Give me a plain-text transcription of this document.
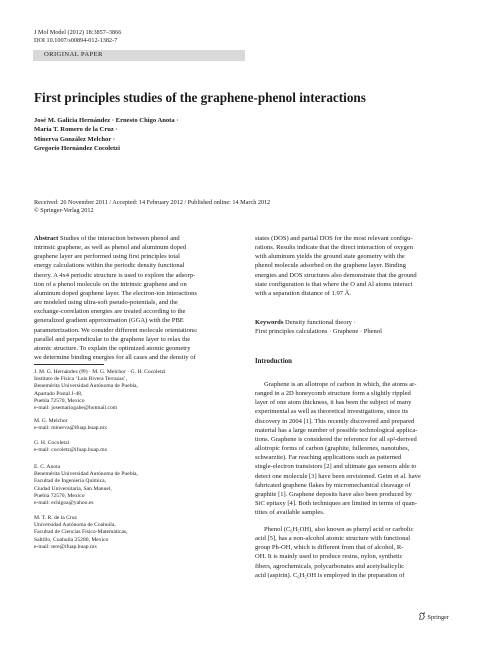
J Mol Model (2012) 18:3857–3866
DOI 10.1007/s00894-012-1382-7
ORIGINAL PAPER
First principles studies of the graphene-phenol interactions
José M. Galicia Hernández · Ernesto Chigo Anota ·
María T. Romero de la Cruz ·
Minerva González Melchor ·
Gregorio Hernández Cocoletzi
Received: 26 November 2011 / Accepted: 14 February 2012 / Published online: 14 March 2012
© Springer-Verlag 2012

Abstract Studies of the interaction between phenol and

intrinsic graphene, as well as phenol and aluminum doped

graphene layer are performed using first principles total

energy calculations within the periodic density functional

theory. A 4x4 periodic structure is used to explore the adsorp-

tion of a phenol molecule on the intrinsic graphene and on

aluminum doped graphene layer. The electron-ion interactions

are modeled using ultra-soft pseudo-potentials, and the

exchange-correlation energies are treated according to the

generalized gradient approximation (GGA) with the PBE

parameterization. We consider different molecule orientations:

parallel and perpendicular to the graphene layer to relax the

atomic structure. To explain the optimized atomic geometry

we determine binding energies for all cases and the density of

states (DOS) and partial DOS for the most relevant configu-

rations. Results indicate that the direct interaction of oxygen

with aluminum yields the ground state geometry with the

phenol molecule adsorbed on the graphene layer. Binding

energies and DOS structures also demonstrate that the ground

state configuration is that where the O and Al atoms interact

with a separation distance of 1.97 Å.

Keywords Density functional theory ·
First principles calculations · Graphene · Phenol
J. M. G. Hernández (✉) · M. G. Melchor · G. H. Cocoletzi
Instituto de Física ‘Luis Rivera Terrazas’,
Benemérita Universidad Autónoma de Puebla,
Apartado Postal J-48,
Puebla 72570, Mexico
e-mail: josemariogabe@hotmail.com
M. G. Melchor
e-mail: minerva@ifuap.buap.mx
G. H. Cocoletzi
e-mail: cocoletz@ifuap.buap.mx
E. C. Anota
Benemérita Universidad Autónoma de Puebla,
Facultad de Ingeniería Química,
Ciudad Universitaria, San Manuel,
Puebla 72570, Mexico
e-mail: echigoa@yahoo.es
M. T. R. de la Cruz
Universidad Autónoma de Coahuila,
Facultad de Ciencias Físico-Matemáticas,
Saltillo, Coahuila 25280, Mexico
e-mail: tere@ifuap.buap.mx
Introduction

Graphene is an allotrope of carbon in which, the atoms ar-

ranged in a 2D honeycomb structure form a slightly rippled

layer of one atom thickness, it has been the subject of many

experimental as well as theoretical investigations, since its

discovery in 2004 [1]. This recently discovered and prepared

material has a large number of possible technological applica-

tions. Graphene is considered the reference for all sp²-derived

allotropic forms of carbon (graphite, fullerenes, nanotubes,

schwarzite). Far reaching applications such as patterned

single-electron transistors [2] and ultimate gas sensors able to

detect one molecule [3] have been envisioned. Geim et al. have

fabricated graphene flakes by micromechanical cleavage of

graphite [1]. Graphene deposits have also been produced by

SiC epitaxy [4]. Both techniques are limited in terms of quan-

tities of available samples.

Phenol (C₆H₅OH), also known as phenyl acid or carbolic

acid [5], has a non-alcohol atomic structure with functional

group Ph-OH, which is different from that of alcohol, R-

OH. It is mainly used to produce resins, nylon, synthetic

fibers, agrochemicals, polycarbonates and acetylsalicylic

acid (aspirin). C₆H₅OH is employed in the preparation of

Springer
